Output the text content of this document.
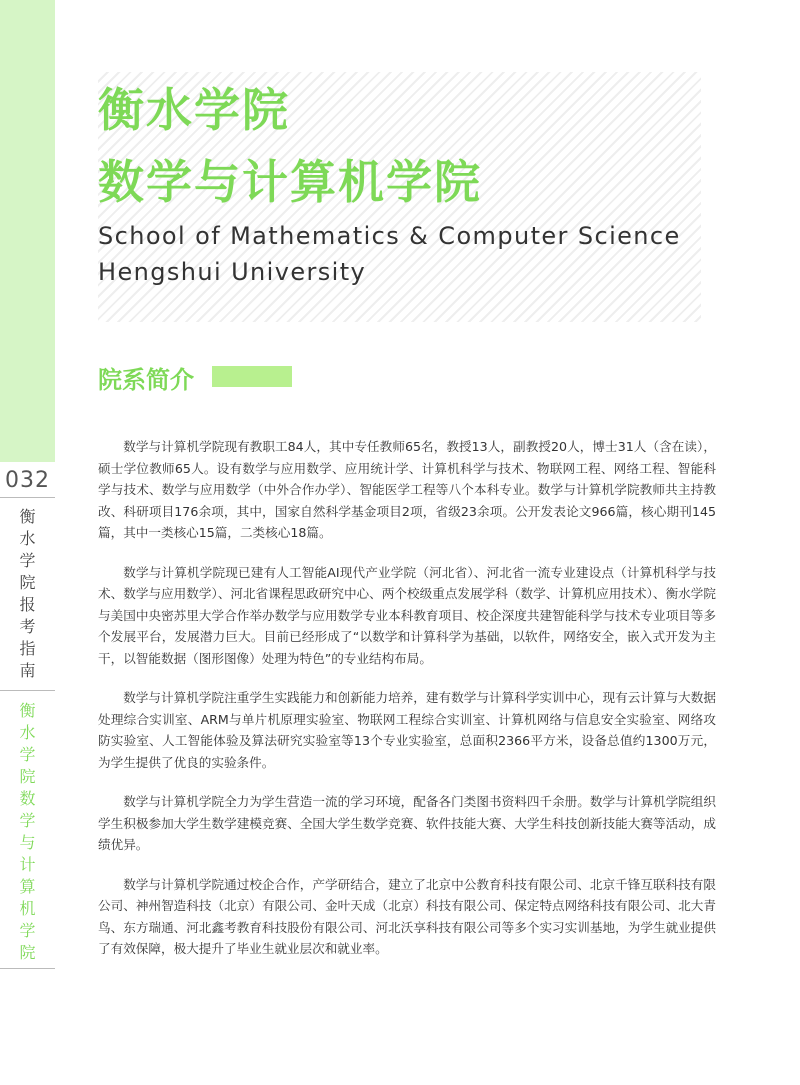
032
衡
水
学
院
报
考
指
南
衡
水
学
院
数
学
与
计
算
机
学
院
衡水学院
数学与计算机学院
School of Mathematics & Computer Science
Hengshui University
院系简介

数学与计算机学院现有教职工84人，其中专任教师65名，教授13人，副教授20人，博士31人（含在读），硕士学位教师65人。设有数学与应用数学、应用统计学、计算机科学与技术、物联网工程、网络工程、智能科学与技术、数学与应用数学（中外合作办学）、智能医学工程等八个本科专业。数学与计算机学院教师共主持教改、科研项目176余项，其中，国家自然科学基金项目2项，省级23余项。公开发表论文966篇，核心期刊145篇，其中一类核心15篇，二类核心18篇。

数学与计算机学院现已建有人工智能AI现代产业学院（河北省）、河北省一流专业建设点（计算机科学与技术、数学与应用数学）、河北省课程思政研究中心、两个校级重点发展学科（数学、计算机应用技术）、衡水学院与美国中央密苏里大学合作举办数学与应用数学专业本科教育项目、校企深度共建智能科学与技术专业项目等多个发展平台，发展潜力巨大。目前已经形成了“以数学和计算科学为基础，以软件，网络安全，嵌入式开发为主干，以智能数据（图形图像）处理为特色”的专业结构布局。

数学与计算机学院注重学生实践能力和创新能力培养，建有数学与计算科学实训中心，现有云计算与大数据处理综合实训室、ARM与单片机原理实验室、物联网工程综合实训室、计算机网络与信息安全实验室、网络攻防实验室、人工智能体验及算法研究实验室等13个专业实验室，总面积2366平方米，设备总值约1300万元，为学生提供了优良的实验条件。

数学与计算机学院全力为学生营造一流的学习环境，配备各门类图书资料四千余册。数学与计算机学院组织学生积极参加大学生数学建模竞赛、全国大学生数学竞赛、软件技能大赛、大学生科技创新技能大赛等活动，成绩优异。

数学与计算机学院通过校企合作，产学研结合，建立了北京中公教育科技有限公司、北京千锋互联科技有限公司、神州智造科技（北京）有限公司、金叶天成（北京）科技有限公司、保定特点网络科技有限公司、北大青鸟、东方瑞通、河北鑫考教育科技股份有限公司、河北沃享科技有限公司等多个实习实训基地，为学生就业提供了有效保障，极大提升了毕业生就业层次和就业率。
